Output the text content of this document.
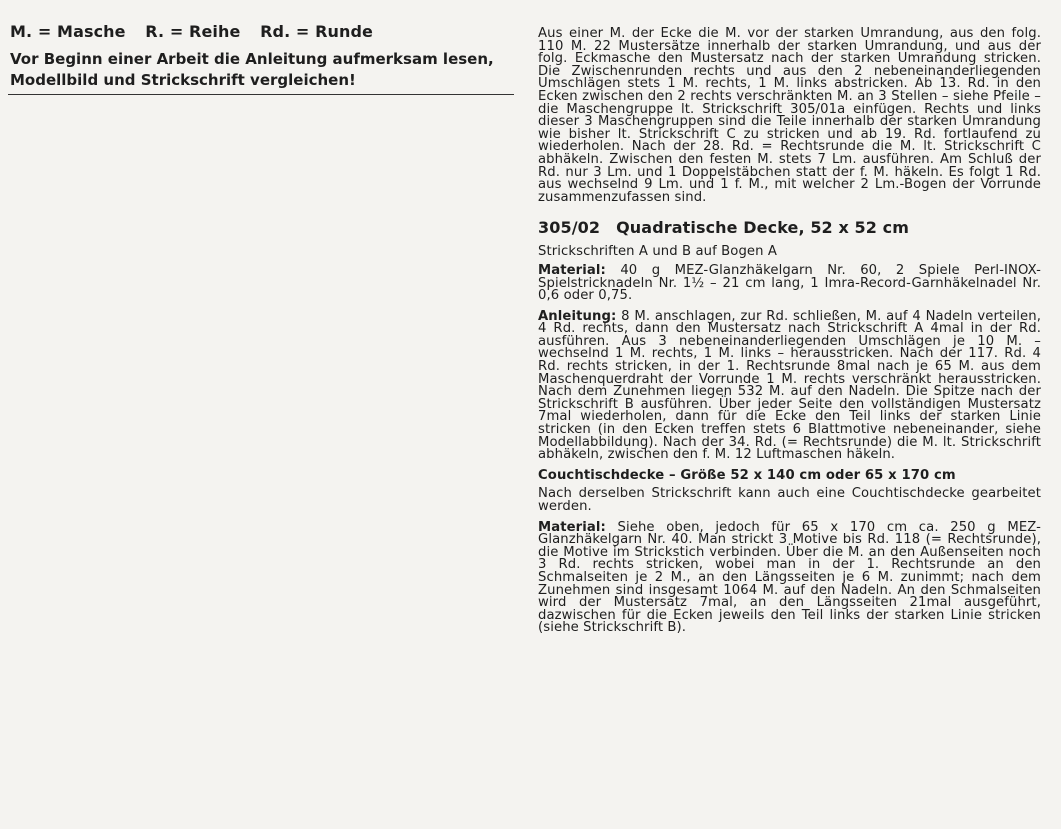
M. = Masche R. = Reihe Rd. = Runde
Vor Beginn einer Arbeit die Anleitung aufmerksam lesen,
Modellbild und Strickschrift vergleichen!

Aus einer M. der Ecke die M. vor der starken Umrandung, aus den folg. 110 M. 22 Mustersätze innerhalb der starken Umrandung, und aus der folg. Eckmasche den Mustersatz nach der starken Umrandung stricken. Die Zwischenrunden rechts und aus den 2 nebeneinanderliegenden Umschlägen stets 1 M. rechts, 1 M. links abstricken. Ab 13. Rd. in den Ecken zwischen den 2 rechts verschränkten M. an 3 Stellen – siehe Pfeile – die Maschengruppe lt. Strickschrift 305/01a einfügen. Rechts und links dieser 3 Maschengruppen sind die Teile innerhalb der starken Umrandung wie bisher lt. Strickschrift C zu stricken und ab 19. Rd. fortlaufend zu wiederholen. Nach der 28. Rd. = Rechtsrunde die M. lt. Strickschrift C abhäkeln. Zwischen den festen M. stets 7 Lm. ausführen. Am Schluß der Rd. nur 3 Lm. und 1 Doppelstäbchen statt der f. M. häkeln. Es folgt 1 Rd. aus wechselnd 9 Lm. und 1 f. M., mit welcher 2 Lm.-Bogen der Vorrunde zusammenzufassen sind.

305/02 Quadratische Decke, 52 x 52 cm
Strickschriften A und B auf Bogen A

Material: 40 g MEZ-Glanzhäkelgarn Nr. 60, 2 Spiele Perl-INOX-Spielstricknadeln Nr. 1½ – 21 cm lang, 1 Imra-Record-Garnhäkelnadel Nr. 0,6 oder 0,75.

Anleitung: 8 M. anschlagen, zur Rd. schließen, M. auf 4 Nadeln verteilen, 4 Rd. rechts, dann den Mustersatz nach Strickschrift A 4mal in der Rd. ausführen. Aus 3 nebeneinanderliegenden Umschlägen je 10 M. – wechselnd 1 M. rechts, 1 M. links – herausstricken. Nach der 117. Rd. 4 Rd. rechts stricken, in der 1. Rechtsrunde 8mal nach je 65 M. aus dem Maschenquerdraht der Vorrunde 1 M. rechts verschränkt herausstricken. Nach dem Zunehmen liegen 532 M. auf den Nadeln. Die Spitze nach der Strickschrift B ausführen. Über jeder Seite den vollständigen Mustersatz 7mal wiederholen, dann für die Ecke den Teil links der starken Linie stricken (in den Ecken treffen stets 6 Blattmotive nebeneinander, siehe Modellabbildung). Nach der 34. Rd. (= Rechtsrunde) die M. lt. Strickschrift abhäkeln, zwischen den f. M. 12 Luftmaschen häkeln.

Couchtischdecke – Größe 52 x 140 cm oder 65 x 170 cm

Nach derselben Strickschrift kann auch eine Couchtischdecke gearbeitet werden.

Material: Siehe oben, jedoch für 65 x 170 cm ca. 250 g MEZ-Glanzhäkelgarn Nr. 40. Man strickt 3 Motive bis Rd. 118 (= Rechtsrunde), die Motive im Strickstich verbinden. Über die M. an den Außenseiten noch 3 Rd. rechts stricken, wobei man in der 1. Rechtsrunde an den Schmalseiten je 2 M., an den Längsseiten je 6 M. zunimmt; nach dem Zunehmen sind insgesamt 1064 M. auf den Nadeln. An den Schmalseiten wird der Mustersatz 7mal, an den Längsseiten 21mal ausgeführt, dazwischen für die Ecken jeweils den Teil links der starken Linie stricken (siehe Strickschrift B).
